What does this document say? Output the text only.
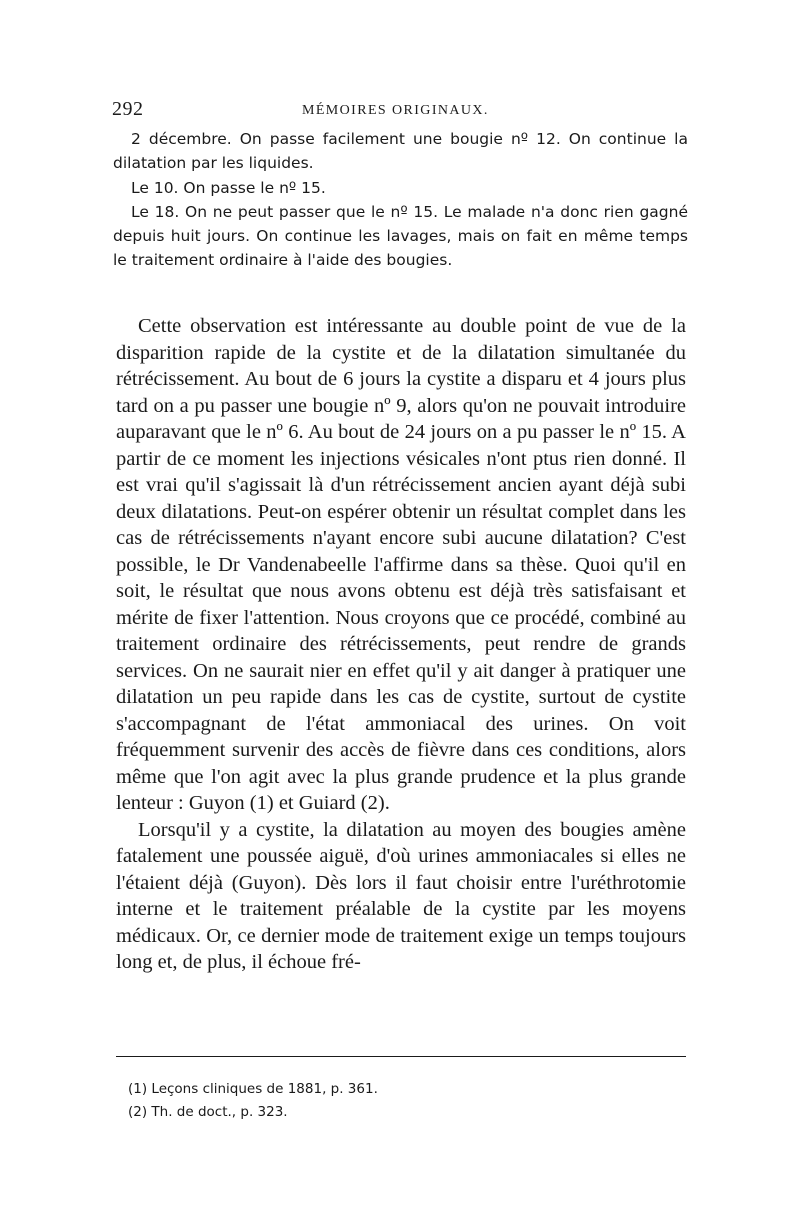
292	MÉMOIRES ORIGINAUX.

2 décembre. On passe facilement une bougie nº 12. On continue la dilatation par les liquides.

Le 10. On passe le nº 15.

Le 18. On ne peut passer que le nº 15. Le malade n'a donc rien gagné depuis huit jours. On continue les lavages, mais on fait en même temps le traitement ordinaire à l'aide des bougies.

Cette observation est intéressante au double point de vue de la disparition rapide de la cystite et de la dilatation simultanée du rétrécissement. Au bout de 6 jours la cystite a disparu et 4 jours plus tard on a pu passer une bougie nº 9, alors qu'on ne pouvait introduire auparavant que le nº 6. Au bout de 24 jours on a pu passer le nº 15. A partir de ce moment les injections vésicales n'ont ptus rien donné. Il est vrai qu'il s'agissait là d'un rétrécissement ancien ayant déjà subi deux dilatations. Peut-on espérer obtenir un résultat complet dans les cas de rétrécissements n'ayant encore subi aucune dilatation? C'est possible, le Dr Vandenabeelle l'affirme dans sa thèse. Quoi qu'il en soit, le résultat que nous avons obtenu est déjà très satisfaisant et mérite de fixer l'attention. Nous croyons que ce procédé, combiné au traitement ordinaire des rétrécissements, peut rendre de grands services. On ne saurait nier en effet qu'il y ait danger à pratiquer une dilatation un peu rapide dans les cas de cystite, surtout de cystite s'accompagnant de l'état ammoniacal des urines. On voit fréquemment survenir des accès de fièvre dans ces conditions, alors même que l'on agit avec la plus grande prudence et la plus grande lenteur : Guyon (1) et Guiard (2).

Lorsqu'il y a cystite, la dilatation au moyen des bougies amène fatalement une poussée aiguë, d'où urines ammoniacales si elles ne l'étaient déjà (Guyon). Dès lors il faut choisir entre l'uréthrotomie interne et le traitement préalable de la cystite par les moyens médicaux. Or, ce dernier mode de traitement exige un temps toujours long et, de plus, il échoue fré-

(1) Leçons cliniques de 1881, p. 361.
(2) Th. de doct., p. 323.
